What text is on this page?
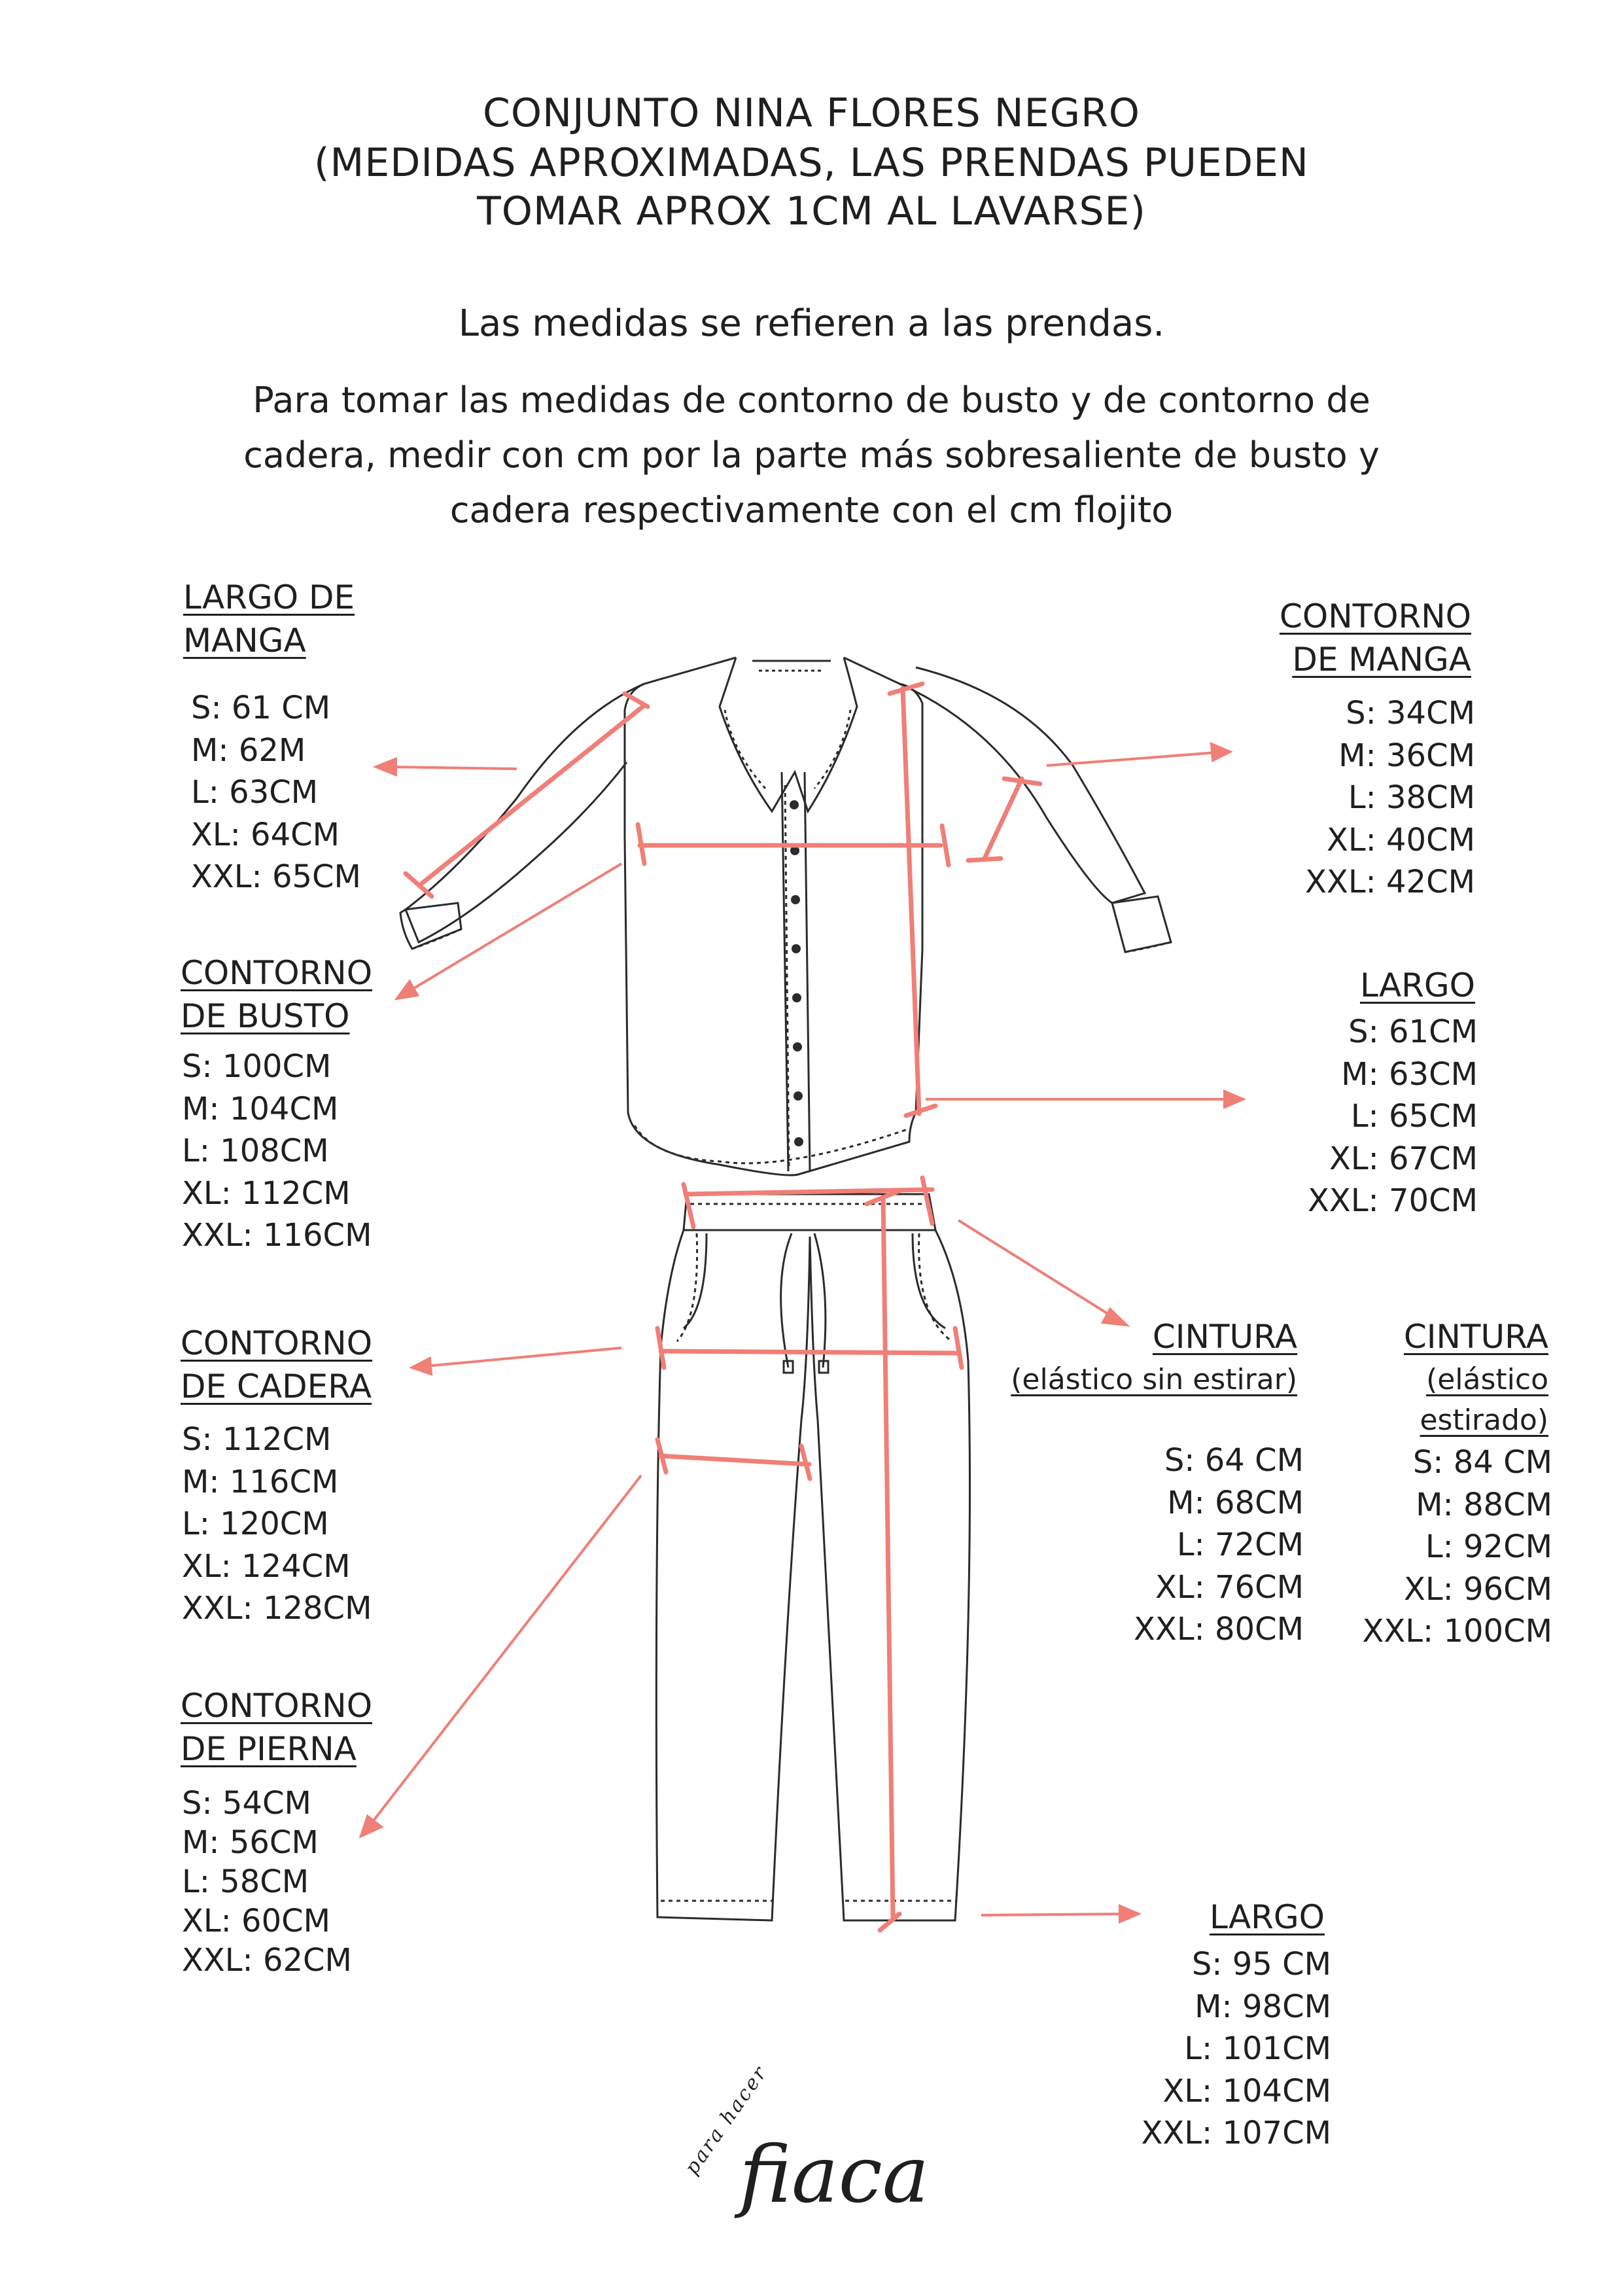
CONJUNTO NINA FLORES NEGRO
(MEDIDAS APROXIMADAS, LAS PRENDAS PUEDEN
TOMAR APROX 1CM AL LAVARSE)
Las medidas se refieren a las prendas.
Para tomar las medidas de contorno de busto y de contorno de
cadera, medir con cm por la parte más sobresaliente de busto y
cadera respectivamente con el cm flojito
LARGO DE
MANGA
S: 61 CM
M: 62M
L: 63CM
XL: 64CM
XXL: 65CM
CONTORNO
DE MANGA
S: 34CM
M: 36CM
L: 38CM
XL: 40CM
XXL: 42CM
CONTORNO
DE BUSTO
S: 100CM
M: 104CM
L: 108CM
XL: 112CM
XXL: 116CM
LARGO
S: 61CM
M: 63CM
L: 65CM
XL: 67CM
XXL: 70CM
CONTORNO
DE CADERA
S: 112CM
M: 116CM
L: 120CM
XL: 124CM
XXL: 128CM
CINTURA
(elástico sin estirar)
S: 64 CM
M: 68CM
L: 72CM
XL: 76CM
XXL: 80CM
CINTURA
(elástico
estirado)
S: 84 CM
M: 88CM
L: 92CM
XL: 96CM
XXL: 100CM
CONTORNO
DE PIERNA
S: 54CM
M: 56CM
L: 58CM
XL: 60CM
XXL: 62CM
LARGO
S: 95 CM
M: 98CM
L: 101CM
XL: 104CM
XXL: 107CM
para hacer
fiaca
